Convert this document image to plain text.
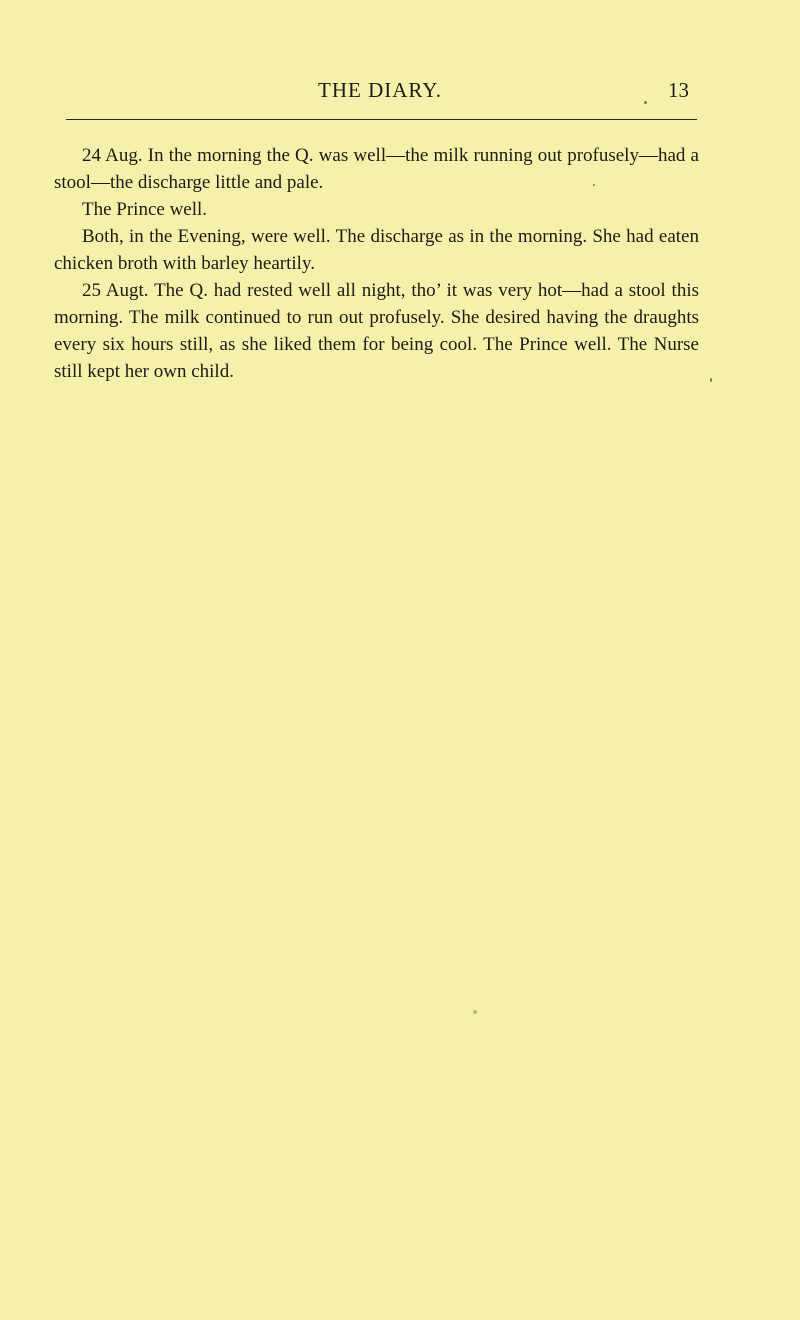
THE DIARY.	13

24 Aug. In the morning the Q. was well—the milk running out profusely—had a stool—the discharge little and pale.

The Prince well.

Both, in the Evening, were well. The discharge as in the morning. She had eaten chicken broth with barley heartily.

25 Augt. The Q. had rested well all night, tho’ it was very hot—had a stool this morning. The milk continued to run out profusely. She desired having the draughts every six hours still, as she liked them for being cool. The Prince well. The Nurse still kept her own child.
